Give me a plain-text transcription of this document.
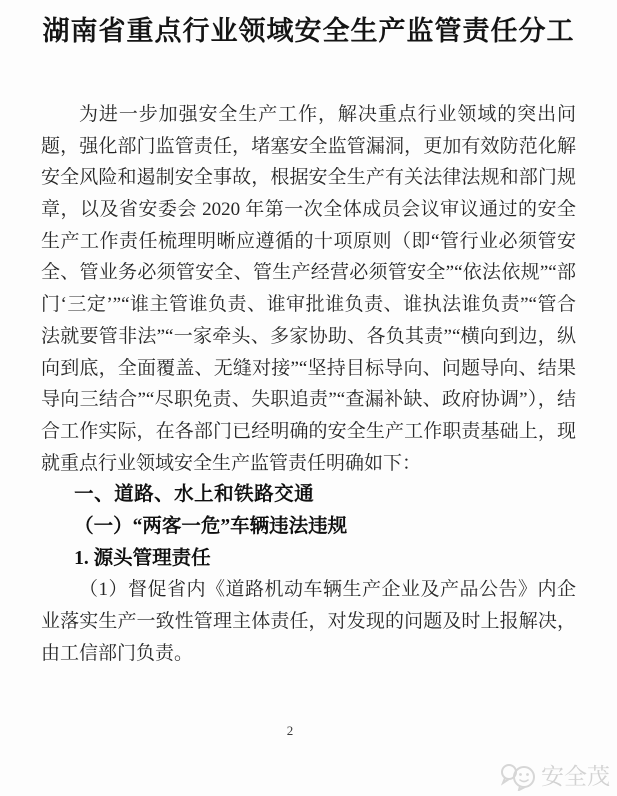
湖南省重点行业领域安全生产监管责任分工
为进一步加强安全生产工作，解决重点行业领域的突出问
题，强化部门监管责任，堵塞安全监管漏洞，更加有效防范化解
安全风险和遏制安全事故，根据安全生产有关法律法规和部门规
章，以及省安委会 2020 年第一次全体成员会议审议通过的安全
生产工作责任梳理明晰应遵循的十项原则（即“管行业必须管安
全、管业务必须管安全、管生产经营必须管安全”“依法依规”“部
门‘三定’”“谁主管谁负责、谁审批谁负责、谁执法谁负责”“管合
法就要管非法”“一家牵头、多家协助、各负其责”“横向到边，纵
向到底，全面覆盖、无缝对接”“坚持目标导向、问题导向、结果
导向三结合”“尽职免责、失职追责”“查漏补缺、政府协调”），结
合工作实际，在各部门已经明确的安全生产工作职责基础上，现
就重点行业领域安全生产监管责任明确如下：
一、道路、水上和铁路交通
（一）“两客一危”车辆违法违规
1. 源头管理责任
（1）督促省内《道路机动车辆生产企业及产品公告》内企
业落实生产一致性管理主体责任，对发现的问题及时上报解决，
由工信部门负责。
2
安全茂
